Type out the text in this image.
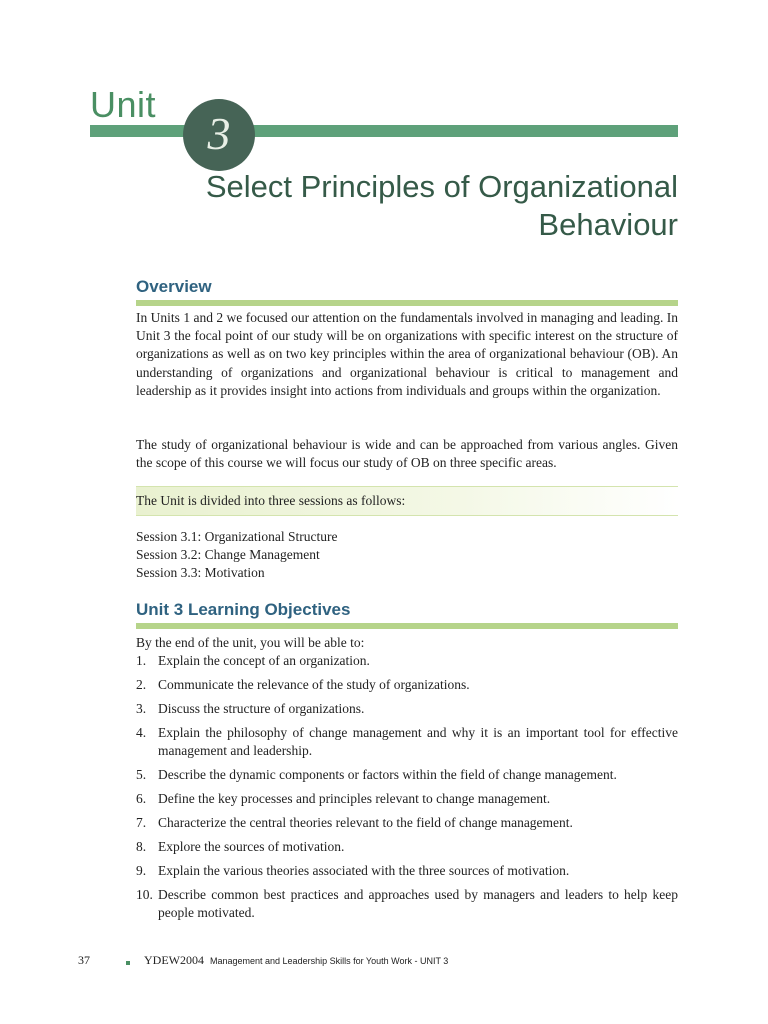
Unit
3
Select Principles of Organizational
Behaviour
Overview
In Units 1 and 2 we focused our attention on the fundamentals involved in managing and leading. In Unit 3 the focal point of our study will be on organizations with specific interest on the structure of organizations as well as on two key principles within the area of organizational behaviour (OB). An understanding of organizations and organizational behaviour is critical to management and leadership as it provides insight into actions from individuals and groups within the organization.
The study of organizational behaviour is wide and can be approached from various angles. Given the scope of this course we will focus our study of OB on three specific areas.
The Unit is divided into three sessions as follows:
Session 3.1: Organizational Structure
Session 3.2: Change Management
Session 3.3: Motivation
Unit 3 Learning Objectives
By the end of the unit, you will be able to:
1. Explain the concept of an organization.
2. Communicate the relevance of the study of organizations.
3. Discuss the structure of organizations.
4. Explain the philosophy of change management and why it is an important tool for effective management and leadership.
5. Describe the dynamic components or factors within the field of change management.
6. Define the key processes and principles relevant to change management.
7. Characterize the central theories relevant to the field of change management.
8. Explore the sources of motivation.
9. Explain the various theories associated with the three sources of motivation.
10. Describe common best practices and approaches used by managers and leaders to help keep people motivated.
37	YDEW2004 Management and Leadership Skills for Youth Work - UNIT 3
